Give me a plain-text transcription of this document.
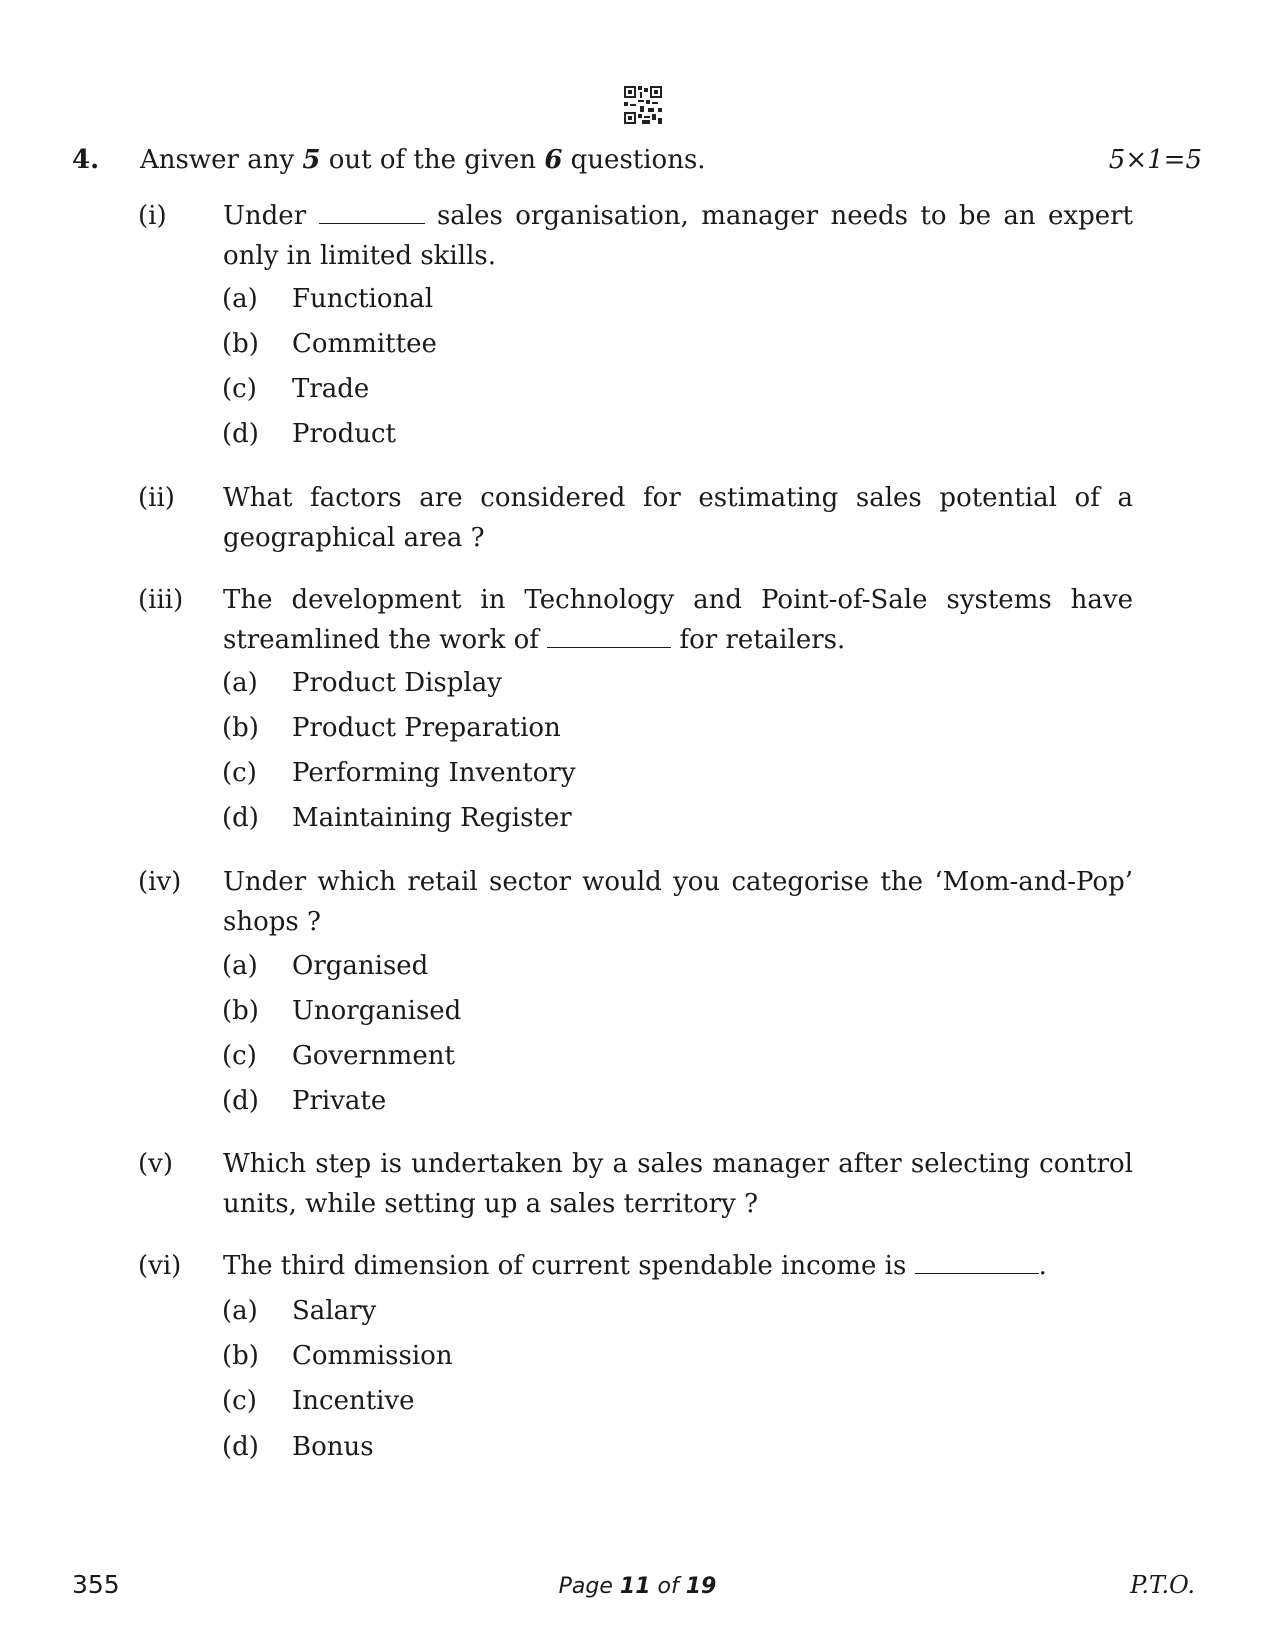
4. Answer any 5 out of the given 6 questions.	5×1=5
(i) Under	sales organisation, manager needs to be an expert
only in limited skills.
(a) Functional
(b) Committee
(c) Trade
(d) Product
(ii) What factors are considered for estimating sales potential of a
geographical area ?
(iii) The development in Technology and Point-of-Sale systems have
streamlined the work of	for retailers.
(a) Product Display
(b) Product Preparation
(c) Performing Inventory
(d) Maintaining Register
(iv) Under which retail sector would you categorise the ‘Mom-and-Pop’
shops ?
(a) Organised
(b) Unorganised
(c) Government
(d) Private
(v) Which step is undertaken by a sales manager after selecting control
units, while setting up a sales territory ?
(vi) The third dimension of current spendable income is	.
(a) Salary
(b) Commission
(c) Incentive
(d) Bonus
355	Page 11 of 19	P.T.O.
